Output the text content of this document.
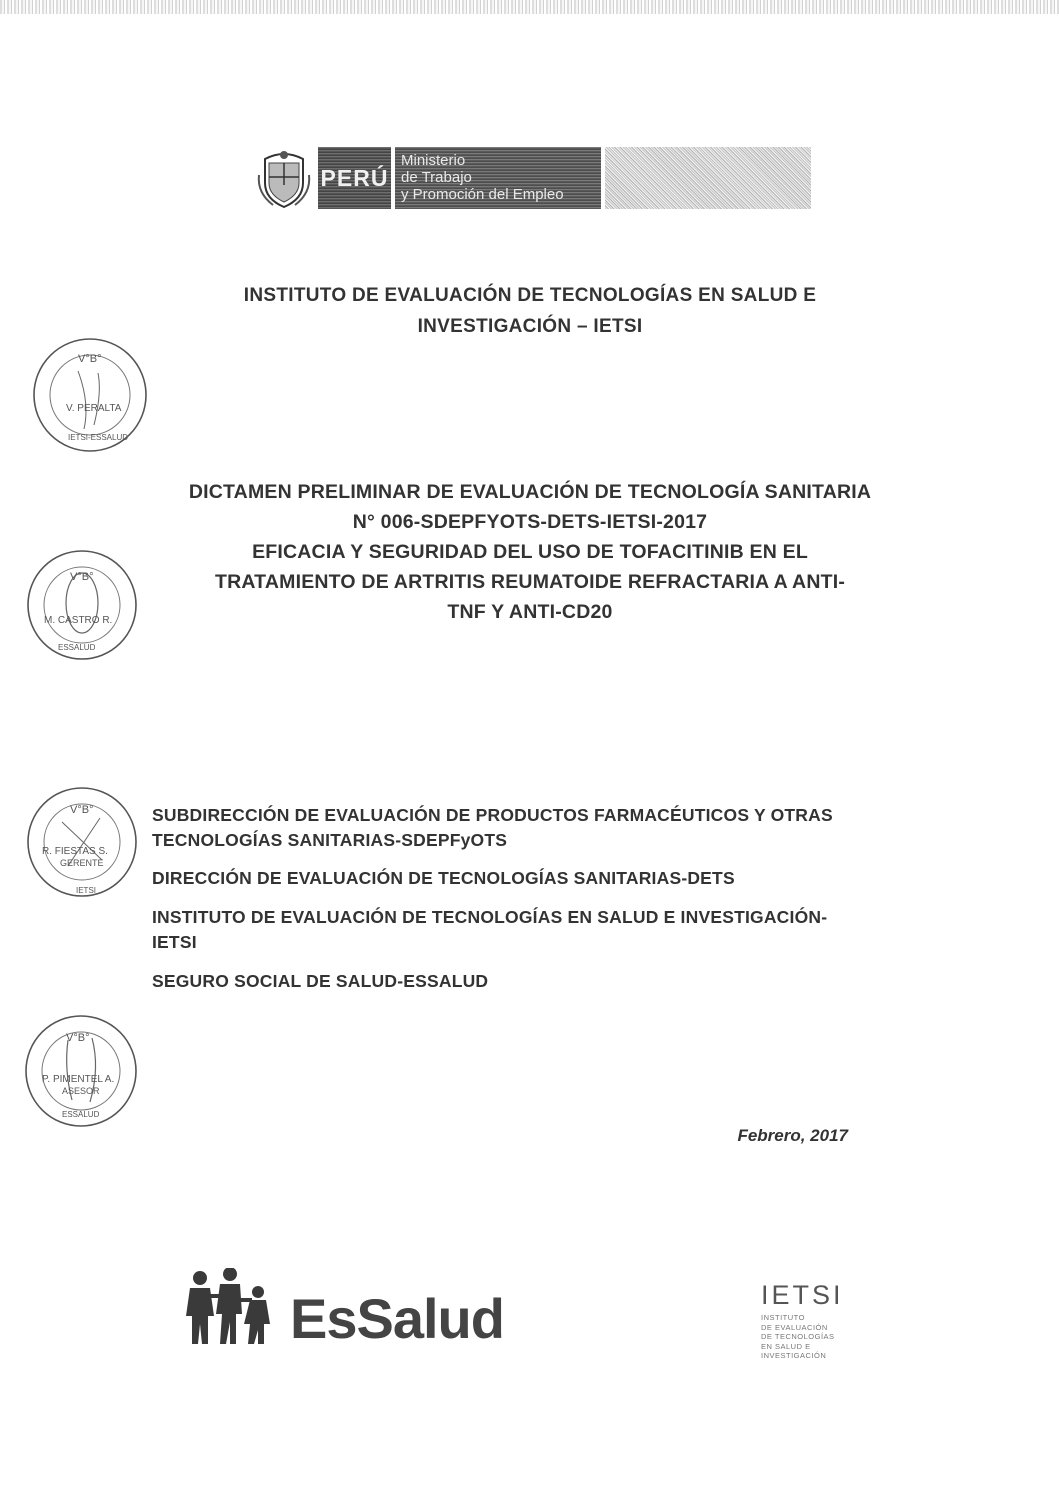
PERÚ
Ministerio
de Trabajo
y Promoción del Empleo
INSTITUTO DE EVALUACIÓN DE TECNOLOGÍAS EN SALUD E
INVESTIGACIÓN – IETSI
DICTAMEN PRELIMINAR DE EVALUACIÓN DE TECNOLOGÍA SANITARIA
N° 006-SDEPFYOTS-DETS-IETSI-2017
EFICACIA Y SEGURIDAD DEL USO DE TOFACITINIB EN EL
TRATAMIENTO DE ARTRITIS REUMATOIDE REFRACTARIA A ANTI-
TNF Y ANTI-CD20

SUBDIRECCIÓN DE EVALUACIÓN DE PRODUCTOS FARMACÉUTICOS Y OTRAS
TECNOLOGÍAS SANITARIAS-SDEPFyOTS

DIRECCIÓN DE EVALUACIÓN DE TECNOLOGÍAS SANITARIAS-DETS

INSTITUTO DE EVALUACIÓN DE TECNOLOGÍAS EN SALUD E INVESTIGACIÓN-
IETSI

SEGURO SOCIAL DE SALUD-ESSALUD

Febrero, 2017
V°B°
V. PERALTA
IETSI-ESSALUD
V°B°
M. CASTRO R.
ESSALUD
V°B°
R. FIESTAS S.
GERENTE
IETSI
V°B°
P. PIMENTEL A.
ASESOR
ESSALUD
EsSalud	IETSI
INSTITUTO
DE EVALUACIÓN
DE TECNOLOGÍAS
EN SALUD E
INVESTIGACIÓN
